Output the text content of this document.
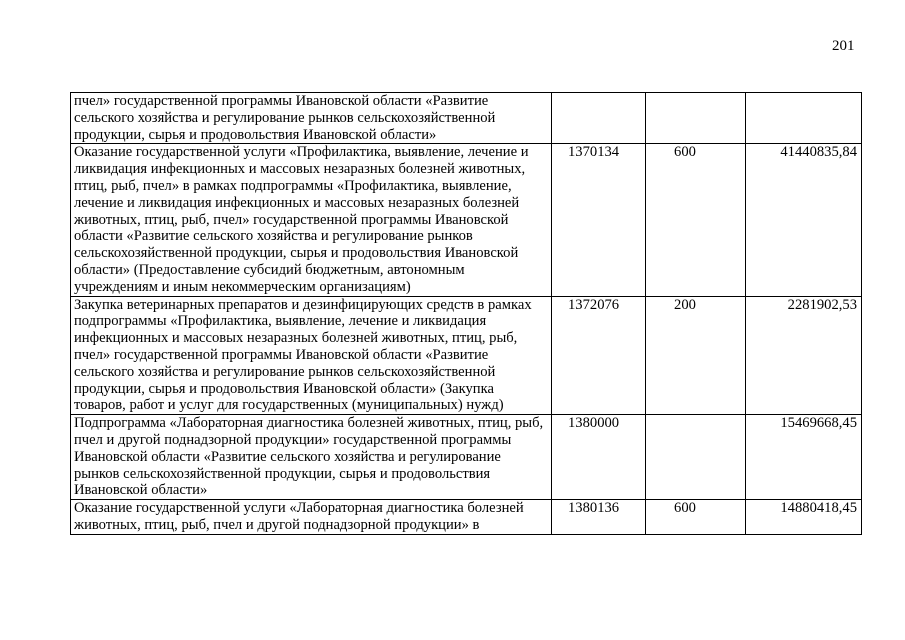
201
пчел» государственной программы Ивановской области «Развитие сельского хозяйства и регулирование рынков сельскохозяйственной продукции, сырья и продовольствия Ивановской области»			
Оказание государственной услуги «Профилактика, выявление, лечение и ликвидация инфекционных и массовых незаразных болезней животных, птиц, рыб, пчел» в рамках подпрограммы «Профилактика, выявление, лечение и ликвидация инфекционных и массовых незаразных болезней животных, птиц, рыб, пчел» государственной программы Ивановской области «Развитие сельского хозяйства и регулирование рынков сельскохозяйственной продукции, сырья и продовольствия Ивановской области» (Предоставление субсидий бюджетным, автономным учреждениям и иным некоммерческим организациям)	1370134	600	41440835,84
Закупка ветеринарных препаратов и дезинфицирующих средств в рамках подпрограммы «Профилактика, выявление, лечение и ликвидация инфекционных и массовых незаразных болезней животных, птиц, рыб, пчел» государственной программы Ивановской области «Развитие сельского хозяйства и регулирование рынков сельскохозяйственной продукции, сырья и продовольствия Ивановской области» (Закупка товаров, работ и услуг для государственных (муниципальных) нужд)	1372076	200	2281902,53
Подпрограмма «Лабораторная диагностика болезней животных, птиц, рыб, пчел и другой поднадзорной продукции» государственной программы Ивановской области «Развитие сельского хозяйства и регулирование рынков сельскохозяйственной продукции, сырья и продовольствия Ивановской области»	1380000		15469668,45
Оказание государственной услуги «Лабораторная диагностика болезней животных, птиц, рыб, пчел и другой поднадзорной продукции» в	1380136	600	14880418,45
